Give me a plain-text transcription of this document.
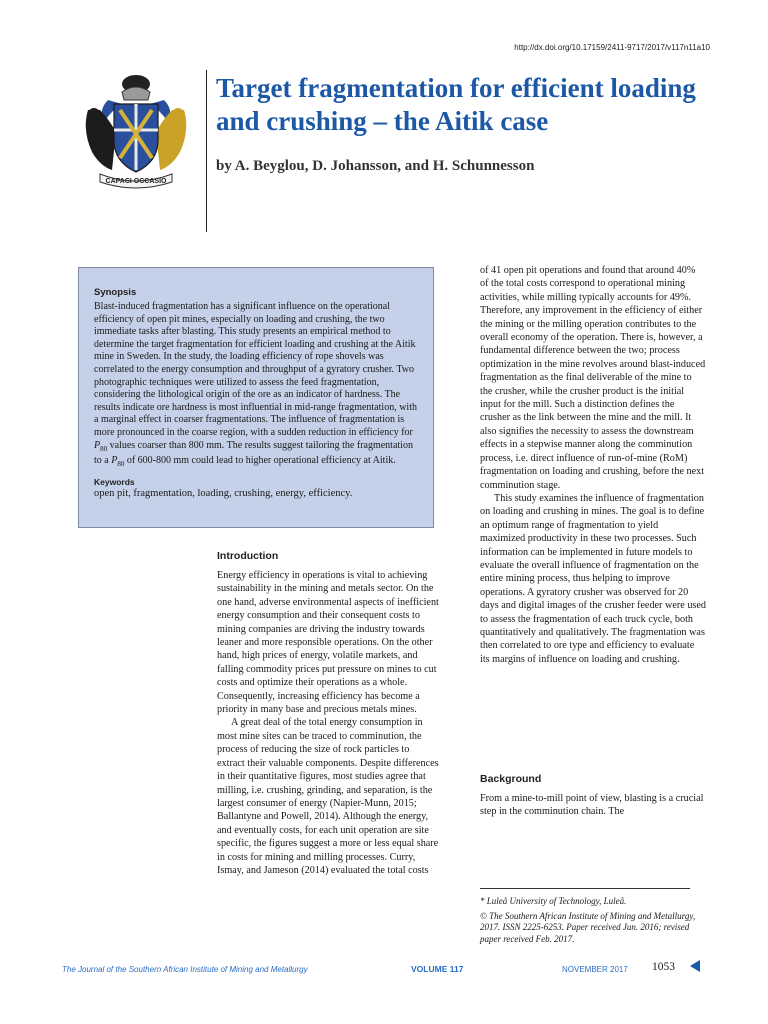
http://dx.doi.org/10.17159/2411-9717/2017/v117n11a10
CAPACI OCCASIO
Target fragmentation for efficient loading and crushing – the Aitik case
by A. Beyglou, D. Johansson, and H. Schunnesson
Synopsis

Blast-induced fragmentation has a significant influence on the operational efficiency of open pit mines, especially on loading and crushing, the two immediate tasks after blasting. This study presents an empirical method to determine the target fragmentation for efficient loading and crushing at the Aitik mine in Sweden. In the study, the loading efficiency of rope shovels was correlated to the energy consumption and throughput of a gyratory crusher. Two photographic techniques were utilized to assess the feed fragmentation, considering the lithological origin of the ore as an indicator of hardness. The results indicate ore hardness is most influential in mid-range fragmentation, with a marginal effect in coarser fragmentations. The influence of fragmentation is more pronounced in the coarse region, with a sudden reduction in efficiency for $P_{80}$ values coarser than 800 mm. The results suggest tailoring the fragmentation to a $P_{80}$ of 600-800 mm could lead to higher operational efficiency at Aitik.

Keywords

open pit, fragmentation, loading, crushing, energy, efficiency.

Introduction

Energy efficiency in operations is vital to achieving sustainability in the mining and metals sector. On the one hand, adverse environmental aspects of inefficient energy consumption and their consequent costs to mining companies are driving the industry towards leaner and more responsible operations. On the other hand, high prices of energy, volatile markets, and falling commodity prices put pressure on mines to cut costs and optimize their operations as a whole. Consequently, increasing efficiency has become a priority in many base and precious metals mines.

A great deal of the total energy consumption in most mine sites can be traced to comminution, the process of reducing the size of rock particles to extract their valuable components. Despite differences in their quantitative figures, most studies agree that milling, i.e. crushing, grinding, and separation, is the largest consumer of energy (Napier-Munn, 2015; Ballantyne and Powell, 2014). Although the energy, and eventually costs, for each unit operation are site specific, the figures suggest a more or less equal share in costs for mining and milling processes. Curry, Ismay, and Jameson (2014) evaluated the total costs

of 41 open pit operations and found that around 40% of the total costs correspond to operational mining activities, while milling typically accounts for 49%. Therefore, any improvement in the efficiency of either the mining or the milling operation contributes to the overall economy of the operation. There is, however, a fundamental difference between the two; process optimization in the mine revolves around blast-induced fragmentation as the final deliverable of the mine to the crusher, while the crusher product is the initial input for the mill. Such a distinction defines the crusher as the link between the mine and the mill. It also signifies the necessity to assess the downstream effects in a stepwise manner along the comminution process, i.e. direct influence of run-of-mine (RoM) fragmentation on loading and crushing, before the next comminution stage.

This study examines the influence of fragmentation on loading and crushing in mines. The goal is to define an optimum range of fragmentation to yield maximized productivity in these two processes. Such information can be implemented in future models to evaluate the overall influence of fragmentation on the entire mining process, thus helping to improve operations. A gyratory crusher was observed for 20 days and digital images of the crusher feeder were used to assess the fragmentation of each truck cycle, both quantitatively and qualitatively. The fragmentation was then correlated to ore type and efficiency to evaluate its margins of influence on loading and crushing.

Background

From a mine-to-mill point of view, blasting is a crucial step in the comminution chain. The

* Luleå University of Technology, Luleå.

© The Southern African Institute of Mining and Metallurgy, 2017. ISSN 2225-6253. Paper received Jun. 2016; revised paper received Feb. 2017.

The Journal of the Southern African Institute of Mining and Metallurgy	VOLUME 117	NOVEMBER 2017 1053
